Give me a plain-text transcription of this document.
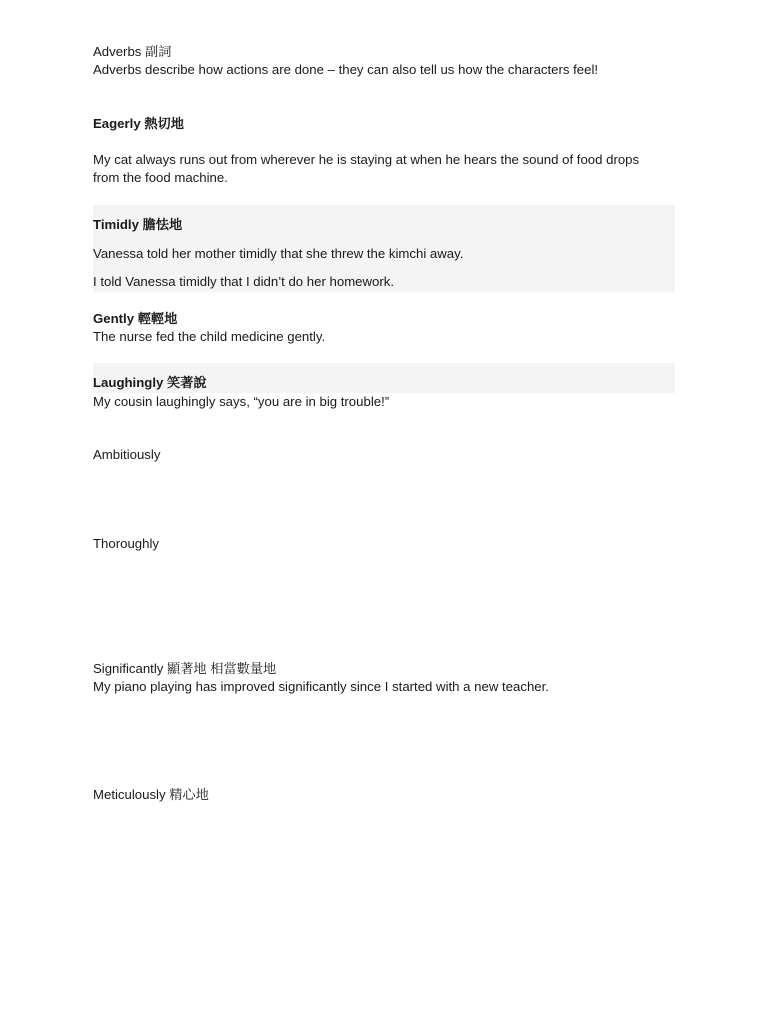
Adverbs 副詞
Adverbs describe how actions are done – they can also tell us how the characters feel!
Eagerly 熱切地
My cat always runs out from wherever he is staying at when he hears the sound of food drops from the food machine.
Timidly 膽怯地
Vanessa told her mother timidly that she threw the kimchi away.
I told Vanessa timidly that I didn’t do her homework.
Gently 輕輕地
The nurse fed the child medicine gently.
Laughingly 笑著說
My cousin laughingly says, “you are in big trouble!”
Ambitiously
Thoroughly
Significantly 顯著地 相當數量地
My piano playing has improved significantly since I started with a new teacher.
Meticulously 精心地
